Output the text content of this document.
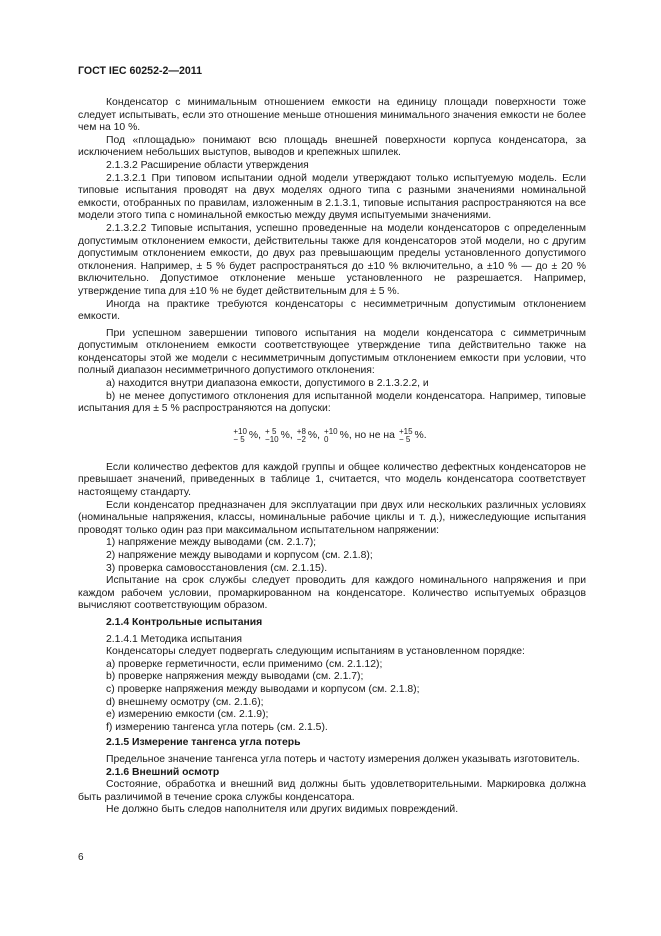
ГОСТ IEC 60252-2—2011

Конденсатор с минимальным отношением емкости на единицу площади поверхности тоже следует испытывать, если это отношение меньше отношения минимального значения емкости не более чем на 10 %.

Под «площадью» понимают всю площадь внешней поверхности корпуса конденсатора, за исключением небольших выступов, выводов и крепежных шпилек.

2.1.3.2 Расширение области утверждения

2.1.3.2.1 При типовом испытании одной модели утверждают только испытуемую модель. Если типовые испытания проводят на двух моделях одного типа с разными значениями номинальной емкости, отобранных по правилам, изложенным в 2.1.3.1, типовые испытания распространяются на все модели этого типа с номинальной емкостью между двумя испытуемыми значениями.

2.1.3.2.2 Типовые испытания, успешно проведенные на модели конденсаторов с определенным допустимым отклонением емкости, действительны также для конденсаторов этой модели, но с другим допустимым отклонением емкости, до двух раз превышающим пределы установленного допустимого отклонения. Например, ± 5 % будет распространяться до ±10 % включительно, а ±10 % — до ± 20 % включительно. Допустимое отклонение меньше установленного не разрешается. Например, утверждение типа для ±10 % не будет действительным для ± 5 %.

Иногда на практике требуются конденсаторы с несимметричным допустимым отклонением емкости.

При успешном завершении типового испытания на модели конденсатора с симметричным допустимым отклонением емкости соответствующее утверждение типа действительно также на конденсаторы этой же модели с несимметричным допустимым отклонением емкости при условии, что полный диапазон несимметричного допустимого отклонения:

a) находится внутри диапазона емкости, допустимого в 2.1.3.2.2, и

b) не менее допустимого отклонения для испытанной модели конденсатора. Например, типовые испытания для ± 5 % распространяются на допуски:

+10
− 5 %, + 5
−10 %, +8
−2 %, +10
0	%, но не на +15
− 5 %.

Если количество дефектов для каждой группы и общее количество дефектных конденсаторов не превышает значений, приведенных в таблице 1, считается, что модель конденсатора соответствует настоящему стандарту.

Если конденсатор предназначен для эксплуатации при двух или нескольких различных условиях (номинальные напряжения, классы, номинальные рабочие циклы и т. д.), нижеследующие испытания проводят только один раз при максимальном испытательном напряжении:

1) напряжение между выводами (см. 2.1.7);

2) напряжение между выводами и корпусом (см. 2.1.8);

3) проверка самовосстановления (см. 2.1.15).

Испытание на срок службы следует проводить для каждого номинального напряжения и при каждом рабочем условии, промаркированном на конденсаторе. Количество испытуемых образцов вычисляют соответствующим образом.

2.1.4 Контрольные испытания

2.1.4.1 Методика испытания

Конденсаторы следует подвергать следующим испытаниям в установленном порядке:

a) проверке герметичности, если применимо (см. 2.1.12);

b) проверке напряжения между выводами (см. 2.1.7);

c) проверке напряжения между выводами и корпусом (см. 2.1.8);

d) внешнему осмотру (см. 2.1.6);

e) измерению емкости (см. 2.1.9);

f) измерению тангенса угла потерь (см. 2.1.5).

2.1.5 Измерение тангенса угла потерь

Предельное значение тангенса угла потерь и частоту измерения должен указывать изготовитель.

2.1.6 Внешний осмотр

Состояние, обработка и внешний вид должны быть удовлетворительными. Маркировка должна быть различимой в течение срока службы конденсатора.

Не должно быть следов наполнителя или других видимых повреждений.

6
